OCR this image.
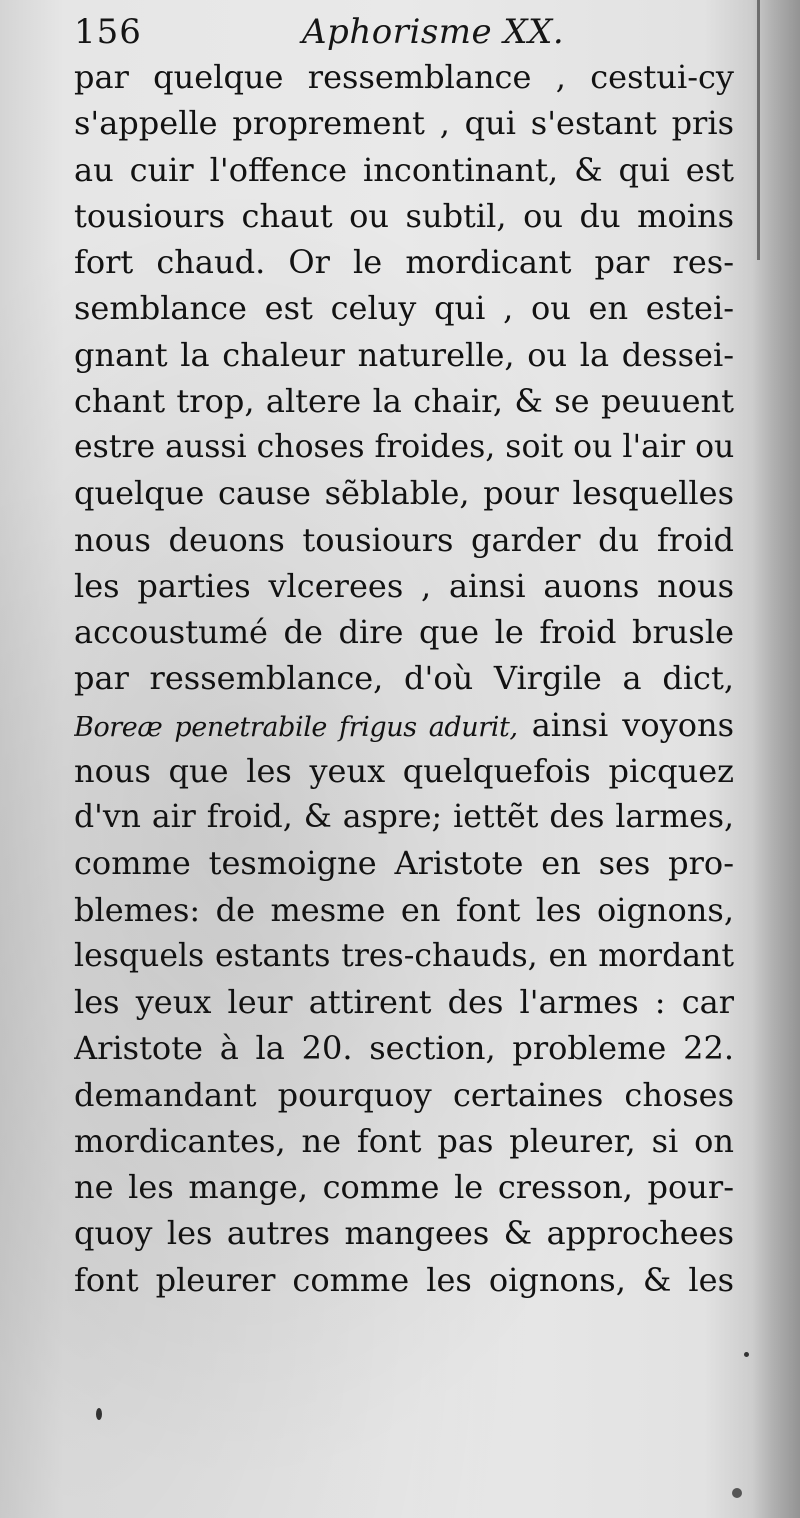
156	Aphorisme XX.
par quelque ressemblance , cestui-cy
s'appelle proprement , qui s'estant pris
au cuir l'offence incontinant, & qui est
tousiours chaut ou subtil, ou du moins
fort chaud. Or le mordicant par res-
semblance est celuy qui , ou en estei-
gnant la chaleur naturelle, ou la dessei-
chant trop, altere la chair, & se peuuent
estre aussi choses froides, soit ou l'air ou
quelque cause sẽblable, pour lesquelles
nous deuons tousiours garder du froid
les parties vlcerees , ainsi auons nous
accoustumé de dire que le froid brusle
par ressemblance, d'où Virgile a dict,
Boreæ penetrabile frigus adurit, ainsi voyons
nous que les yeux quelquefois picquez
d'vn air froid, & aspre; iettẽt des larmes,
comme tesmoigne Aristote en ses pro-
blemes: de mesme en font les oignons,
lesquels estants tres-chauds, en mordant
les yeux leur attirent des l'armes : car
Aristote à la 20. section, probleme 22.
demandant pourquoy certaines choses
mordicantes, ne font pas pleurer, si on
ne les mange, comme le cresson, pour-
quoy les autres mangees & approchees
font pleurer comme les oignons, & les
